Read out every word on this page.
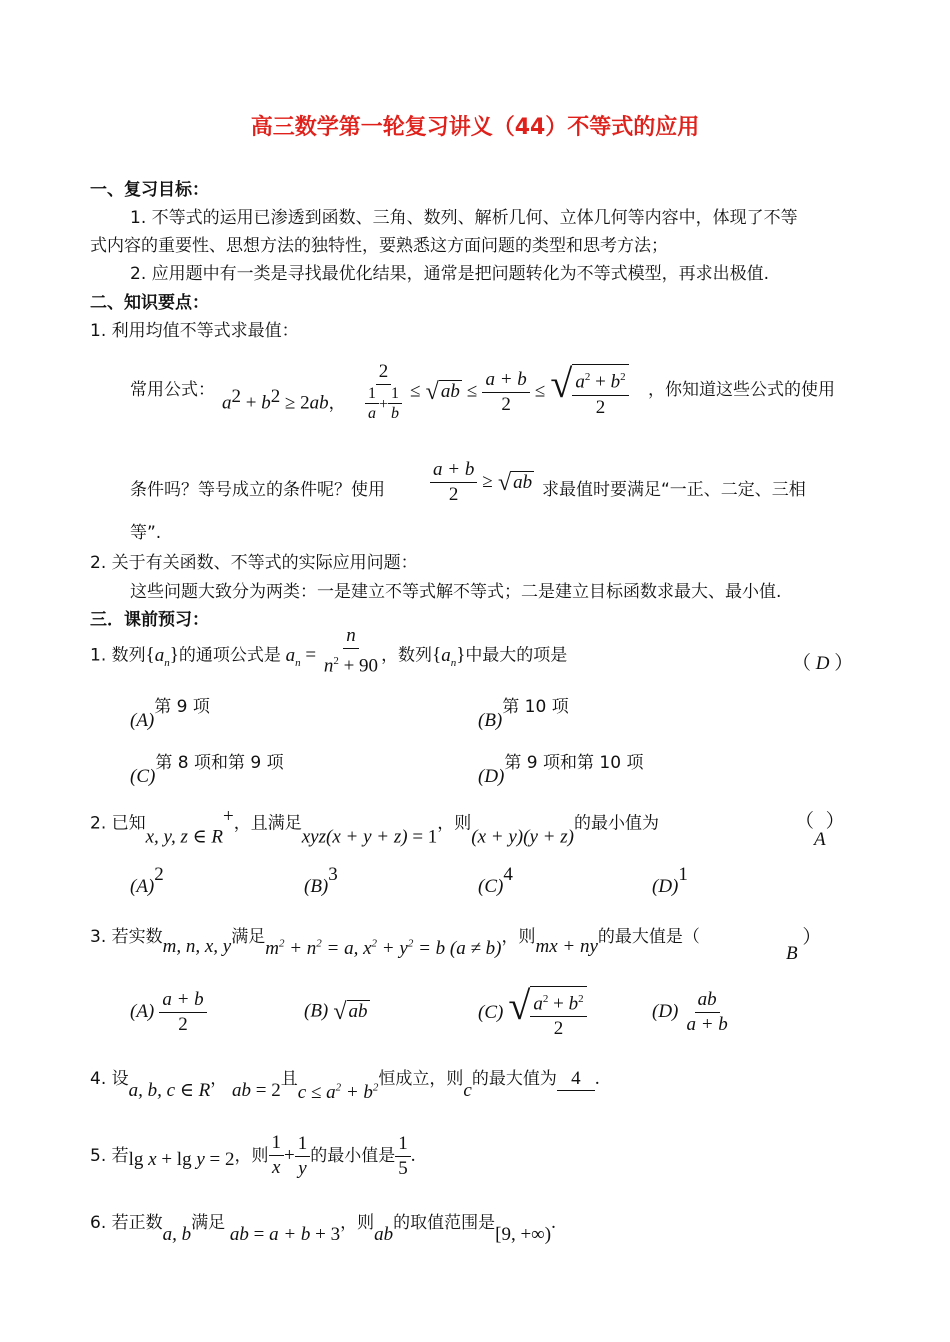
高三数学第一轮复习讲义（44）不等式的应用
一、复习目标：
1. 不等式的运用已渗透到函数、三角、数列、解析几何、立体几何等内容中，体现了不等
式内容的重要性、思想方法的独特性，要熟悉这方面问题的类型和思考方法；
2. 应用题中有一类是寻找最优化结果，通常是把问题转化为不等式模型，再求出极值.
二、知识要点：
1. 利用均值不等式求最值：
常用公式：
$a^2 + b^2 \ge 2ab$， $\frac{2}{\frac{1}{a} + \frac{1}{b}}$ ≤ √ ab ≤ $\frac{a + b}{2}$ ≤ √ $\frac{a^2 + b^2}{2}$ ，你知道这些公式的使用
条件吗？等号成立的条件呢？使用 $\frac{a + b}{2}$ ≥ √ ab 求最值时要满足“一正、二定、三相
等”.
2. 关于有关函数、不等式的实际应用问题：
这些问题大致分为两类：一是建立不等式解不等式；二是建立目标函数求最大、最小值.
三．课前预习：
1. 数列$\{a_n\}$的通项公式是 $a_n = \frac{n}{n^2 + 90}$ ，数列$\{a_n\}$中最大的项是	（ D ）
(A)第 9 项
(B)第 10 项
(C)第 8 项和第 9 项
(D)第 9 项和第 10 项
2. 已知x, y, z ∈ R+，且满足xyz(x + y + z) = 1，则(x + y)(y + z)的最小值为	（A）
(A)2
(B)3
(C)4
(D)1
3. 若实数m, n, x, y满足$m^2 + n^2 = a$, $x^2 + y^2 = b$ (a ≠ b)，则mx + ny的最大值是（
B ）
$(A) \frac{a + b}{2}$	(B) √ ab	(C) √ $\frac{a^2 + b^2}{2}$	$(D) \frac{ab}{a + b}$
4. 设a, b, c ∈ R， ab = 2且$c \le a^2 + b^2$恒成立，则c的最大值为 4 .
5. 若lg x + lg y = 2，则 $\frac{1}{x} + \frac{1}{y}$ 的最小值是 $\frac{1}{5}$ .
6. 若正数a, b满足 ab = a + b + 3，则ab的取值范围是[9, +∞).
